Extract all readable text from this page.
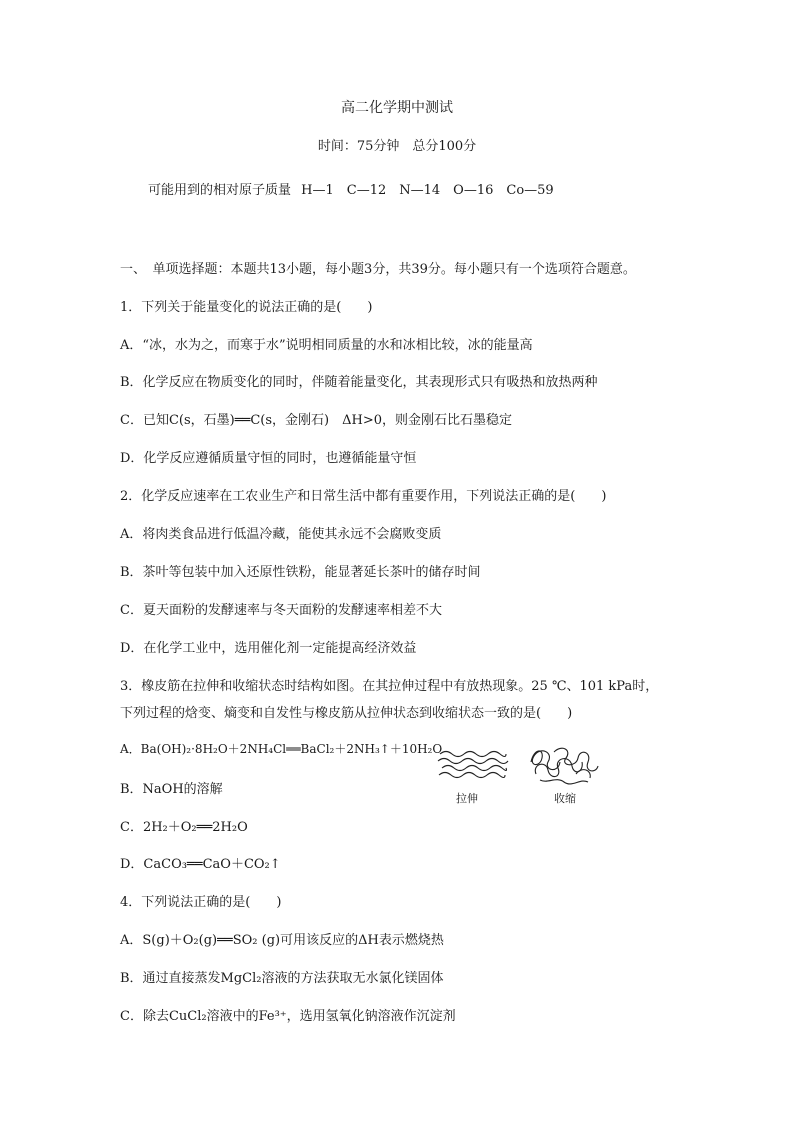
高二化学期中测试
时间：75分钟　总分100分
可能用到的相对原子质量 H—1　C—12　N—14　O—16　Co—59
一、　单项选择题：本题共13小题，每小题3分，共39分。每小题只有一个选项符合题意。
1．下列关于能量变化的说法正确的是(　　)
A．“冰，水为之，而寒于水”说明相同质量的水和冰相比较，冰的能量高
B．化学反应在物质变化的同时，伴随着能量变化，其表现形式只有吸热和放热两种
C．已知C(s，石墨)══C(s，金刚石)　ΔH>0，则金刚石比石墨稳定
D．化学反应遵循质量守恒的同时，也遵循能量守恒
2．化学反应速率在工农业生产和日常生活中都有重要作用，下列说法正确的是(　　)
A．将肉类食品进行低温冷藏，能使其永远不会腐败变质
B．茶叶等包装中加入还原性铁粉，能显著延长茶叶的储存时间
C．夏天面粉的发酵速率与冬天面粉的发酵速率相差不大
D．在化学工业中，选用催化剂一定能提高经济效益
3．橡皮筋在拉伸和收缩状态时结构如图。在其拉伸过程中有放热现象。25 ℃、101 kPa时，
下列过程的焓变、熵变和自发性与橡皮筋从拉伸状态到收缩状态一致的是(　　)
A．Ba(OH)₂·8H₂O＋2NH₄Cl══BaCl₂＋2NH₃↑＋10H₂O
B．NaOH的溶解
C．2H₂＋O₂══2H₂O
D．CaCO₃══CaO＋CO₂↑
拉伸	收缩
4．下列说法正确的是(　　)
A．S(g)＋O₂(g)══SO₂ (g)可用该反应的ΔH表示燃烧热
B．通过直接蒸发MgCl₂溶液的方法获取无水氯化镁固体
C．除去CuCl₂溶液中的Fe³⁺，选用氢氧化钠溶液作沉淀剂
